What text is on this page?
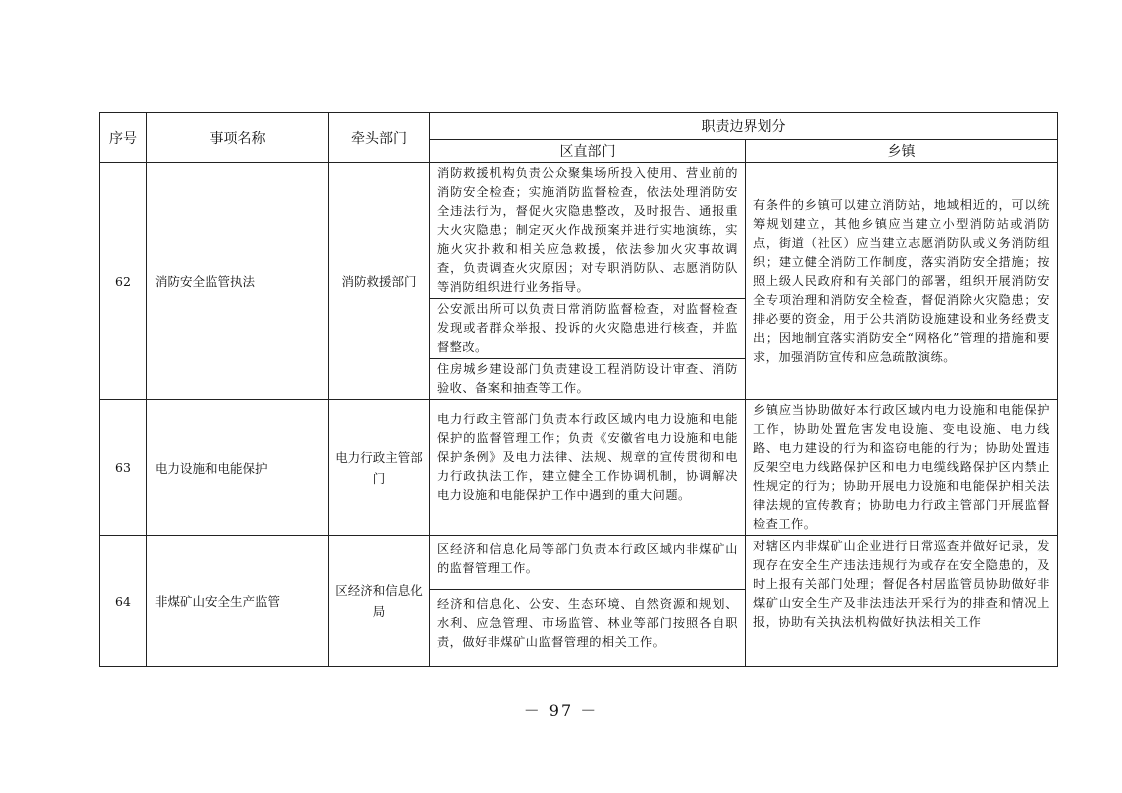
序号	事项名称	牵头部门	职责边界划分	
			区直部门	乡镇
62	消防安全监管执法	消防救援部门	消防救援机构负责公众聚集场所投入使用、营业前的消防安全检查；实施消防监督检查，依法处理消防安全违法行为，督促火灾隐患整改，及时报告、通报重大火灾隐患；制定灭火作战预案并进行实地演练，实施火灾扑救和相关应急救援，依法参加火灾事故调查，负责调查火灾原因；对专职消防队、志愿消防队等消防组织进行业务指导。
公安派出所可以负责日常消防监督检查，对监督检查发现或者群众举报、投诉的火灾隐患进行核查，并监督整改。
住房城乡建设部门负责建设工程消防设计审查、消防验收、备案和抽查等工作。	有条件的乡镇可以建立消防站，地域相近的，可以统筹规划建立，其他乡镇应当建立小型消防站或消防点，街道（社区）应当建立志愿消防队或义务消防组织；建立健全消防工作制度，落实消防安全措施；按照上级人民政府和有关部门的部署，组织开展消防安全专项治理和消防安全检查，督促消除火灾隐患；安排必要的资金，用于公共消防设施建设和业务经费支出；因地制宜落实消防安全“网格化”管理的措施和要求，加强消防宣传和应急疏散演练。
63	电力设施和电能保护	电力行政主管部门	电力行政主管部门负责本行政区域内电力设施和电能保护的监督管理工作；负责《安徽省电力设施和电能保护条例》及电力法律、法规、规章的宣传贯彻和电力行政执法工作，建立健全工作协调机制，协调解决电力设施和电能保护工作中遇到的重大问题。	乡镇应当协助做好本行政区域内电力设施和电能保护工作，协助处置危害发电设施、变电设施、电力线路、电力建设的行为和盗窃电能的行为；协助处置违反架空电力线路保护区和电力电缆线路保护区内禁止性规定的行为；协助开展电力设施和电能保护相关法律法规的宣传教育；协助电力行政主管部门开展监督检查工作。
64	非煤矿山安全生产监管	区经济和信息化局	区经济和信息化局等部门负责本行政区域内非煤矿山的监督管理工作。
经济和信息化、公安、生态环境、自然资源和规划、水利、应急管理、市场监管、林业等部门按照各自职责，做好非煤矿山监督管理的相关工作。	对辖区内非煤矿山企业进行日常巡查并做好记录，发现存在安全生产违法违规行为或存在安全隐患的，及时上报有关部门处理；督促各村居监管员协助做好非煤矿山安全生产及非法违法开采行为的排查和情况上报，协助有关执法机构做好执法相关工作
－ 97 －
